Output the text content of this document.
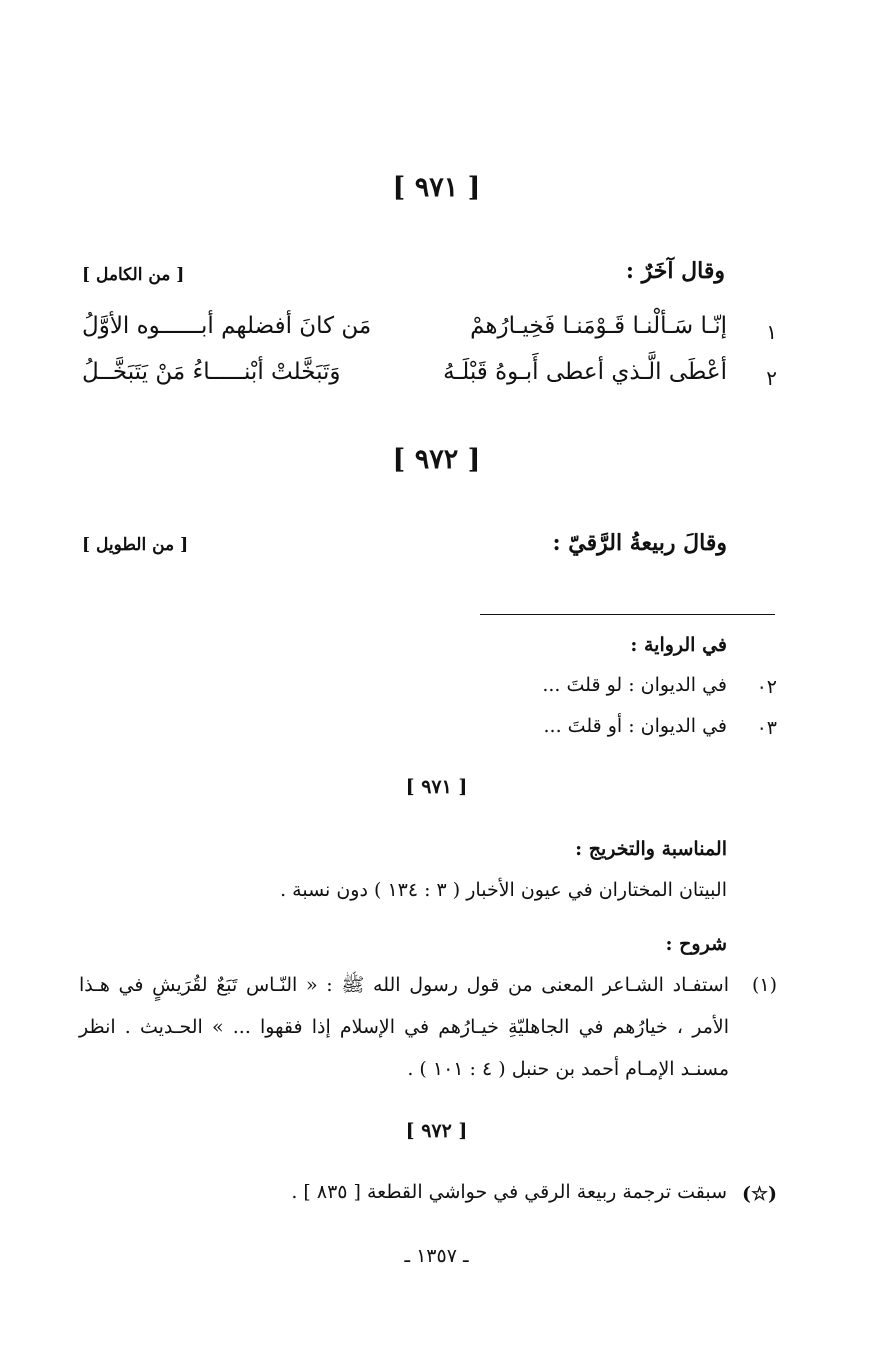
[ ٩٧١ ]
وقال آخَرٌ :
[ من الكامل ]
١
إنّـا سَـألْنـا قَـوْمَنـا فَخِيـارُهمْ
مَن كانَ أفضلهم أبــــــوه الأوَّلُ
٢
أعْطَى الَّـذي أعطى أَبـوهُ قَبْلَـهُ
وَتَبَخَّلتْ أبْنـــــاءُ مَنْ يَتَبَخَّــلُ
[ ٩٧٢ ]
وقالَ ربيعةُ الرَّقيّ :
[ من الطويل ]
في الرواية :
٠٢
في الديوان : لو قلتَ ...
٠٣
في الديوان : أو قلتَ ...
[ ٩٧١ ]
المناسبة والتخريج :
البيتان المختاران في عيون الأخبار ( ٣ : ١٣٤ ) دون نسبة .
شروح :
(١)
استفـاد الشـاعر المعنى من قول رسول الله ﷺ : « النّـاس تَبَعٌ لقُرَيشٍ في هـذا الأمر ، خيارُهم في الجاهليّةِ خيـارُهم في الإسلام إذا فقهوا ... » الحـديث . انظر مسنـد الإمـام أحمد بن حنبل ( ٤ : ١٠١ ) .
[ ٩٧٢ ]
(☆)
سبقت ترجمة ربيعة الرقي في حواشي القطعة [ ٨٣٥ ] .
ـ ١٣٥٧ ـ
